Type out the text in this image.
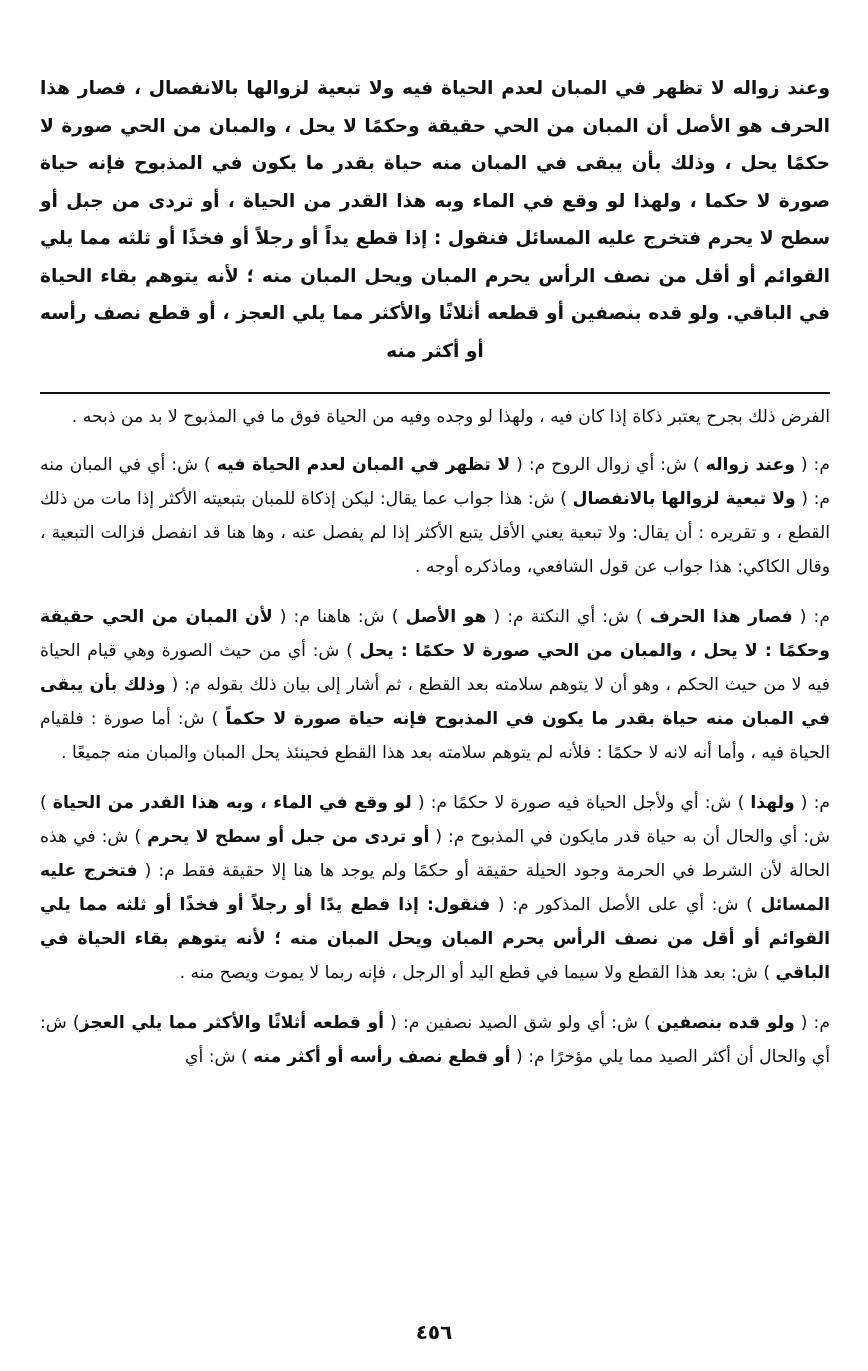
وعند زواله لا تظهر في المبان لعدم الحياة فيه ولا تبعية لزوالها بالانفصال ، فصار هذا الحرف هو الأصل أن المبان من الحي حقيقة وحكمًا لا يحل ، والمبان من الحي صورة لا حكمًا يحل ، وذلك بأن يبقى في المبان منه حياة بقدر ما يكون في المذبوح فإنه حياة صورة لا حكما ، ولهذا لو وقع في الماء وبه هذا القدر من الحياة ، أو تردى من جبل أو سطح لا يحرم فتخرج عليه المسائل فنقول : إذا قطع يداً أو رجلاً أو فخذًا أو ثلثه مما يلي القوائم أو أقل من نصف الرأس يحرم المبان ويحل المبان منه ؛ لأنه يتوهم بقاء الحياة في الباقي. ولو قده بنصفين أو قطعه أثلاثًا والأكثر مما يلي العجز ، أو قطع نصف رأسه أو أكثر منه

الفرض ذلك بجرح يعتبر ذكاة إذا كان فيه ، ولهذا لو وجده وفيه من الحياة فوق ما في المذبوح لا بد من ذبحه .

م: ( وعند زواله ) ش: أي زوال الروح م: ( لا تظهر في المبان لعدم الحياة فيه ) ش: أي في المبان منه م: ( ولا تبعية لزوالها بالانفصال ) ش: هذا جواب عما يقال: ليكن إذكاة للمبان بتبعيته الأكثر إذا مات من ذلك القطع ، و تقريره : أن يقال: ولا تبعية يعني الأقل يتبع الأكثر إذا لم يفصل عنه ، وها هنا قد انفصل فزالت التبعية ، وقال الكاكي: هذا جواب عن قول الشافعي، وماذكره أوجه .

م: ( فصار هذا الحرف ) ش: أي النكتة م: ( هو الأصل ) ش: هاهنا م: ( لأن المبان من الحي حقيقة وحكمًا : لا يحل ، والمبان من الحي صورة لا حكمًا : يحل ) ش: أي من حيث الصورة وهي قيام الحياة فيه لا من حيث الحكم ، وهو أن لا يتوهم سلامته بعد القطع ، ثم أشار إلى بيان ذلك بقوله م: ( وذلك بأن يبقى في المبان منه حياة بقدر ما يكون في المذبوح فإنه حياة صورة لا حكماً ) ش: أما صورة : فلقيام الحياة فيه ، وأما أنه لانه لا حكمًا : فلأنه لم يتوهم سلامته بعد هذا القطع فحينئذ يحل المبان والمبان منه جميعًا .

م: ( ولهذا ) ش: أي ولأجل الحياة فيه صورة لا حكمًا م: ( لو وقع في الماء ، وبه هذا القدر من الحياة ) ش: أي والحال أن به حياة قدر مايكون في المذبوح م: ( أو تردى من جبل أو سطح لا يحرم ) ش: في هذه الحالة لأن الشرط في الحرمة وجود الحيلة حقيقة أو حكمًا ولم يوجد ها هنا إلا حقيقة فقط م: ( فتخرج عليه المسائل ) ش: أي على الأصل المذكور م: ( فنقول: إذا قطع يدًا أو رجلاً أو فخذًا أو ثلثه مما يلي القوائم أو أقل من نصف الرأس يحرم المبان ويحل المبان منه ؛ لأنه يتوهم بقاء الحياة في الباقي ) ش: بعد هذا القطع ولا سيما في قطع اليد أو الرجل ، فإنه ربما لا يموت ويصح منه .

م: ( ولو قده بنصفين ) ش: أي ولو شق الصيد نصفين م: ( أو قطعه أثلاثًا والأكثر مما يلي العجز) ش: أي والحال أن أكثر الصيد مما يلي مؤخرًا م: ( أو قطع نصف رأسه أو أكثر منه ) ش: أي

٤٥٦
